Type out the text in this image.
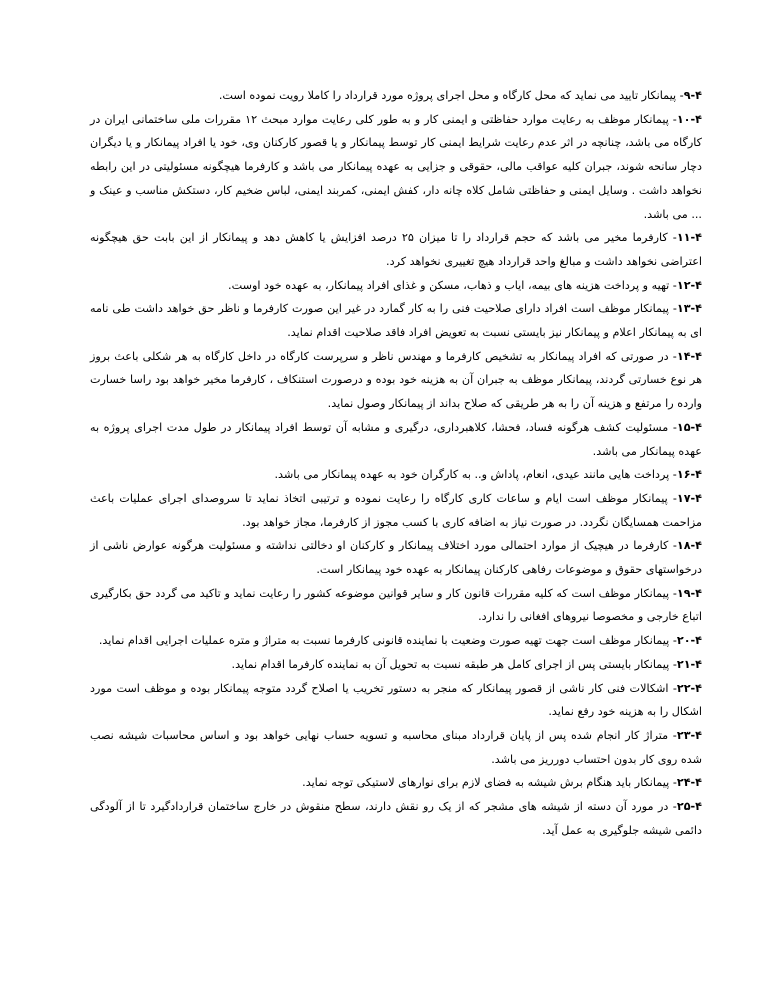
۹-۴- پیمانکار تایید می نماید که محل کارگاه و محل اجرای پروژه مورد قرارداد را کاملا رویت نموده است.

۱۰-۴- پیمانکار موظف به رعایت موارد حفاظتی و ایمنی کار و به طور کلی رعایت موارد مبحث ۱۲ مقررات ملی ساختمانی ایران در کارگاه می باشد، چنانچه در اثر عدم رعایت شرایط ایمنی کار توسط پیمانکار و یا قصور کارکنان وی، خود یا افراد پیمانکار و یا دیگران دچار سانحه شوند، جبران کلیه عواقب مالی، حقوقی و جزایی به عهده پیمانکار می باشد و کارفرما هیچگونه مسئولیتی در این رابطه نخواهد داشت . وسایل ایمنی و حفاظتی شامل کلاه چانه دار، کفش ایمنی، کمربند ایمنی، لباس ضخیم کار، دستکش مناسب و عینک و ... می باشد.

۱۱-۴- کارفرما مخیر می باشد که حجم قرارداد را تا میزان ۲۵ درصد افزایش یا کاهش دهد و پیمانکار از این بابت حق هیچگونه اعتراضی نخواهد داشت و مبالغ واحد قرارداد هیچ تغییری نخواهد کرد.

۱۲-۴- تهیه و پرداخت هزینه های بیمه، ایاب و ذهاب، مسکن و غذای افراد پیمانکار، به عهده خود اوست.

۱۳-۴- پیمانکار موظف است افراد دارای صلاحیت فنی را به کار گمارد در غیر این صورت کارفرما و ناظر حق خواهد داشت طی نامه ای به پیمانکار اعلام و پیمانکار نیز بایستی نسبت به تعویض افراد فاقد صلاحیت اقدام نماید.

۱۴-۴- در صورتی که افراد پیمانکار به تشخیص کارفرما و مهندس ناظر و سرپرست کارگاه در داخل کارگاه به هر شکلی باعث بروز هر نوع خسارتی گردند، پیمانکار موظف به جبران آن به هزینه خود بوده و درصورت استنکاف ، کارفرما مخیر خواهد بود راسا خسارت وارده را مرتفع و هزینه آن را به هر طریقی که صلاح بداند از پیمانکار وصول نماید.

۱۵-۴- مسئولیت کشف هرگونه فساد، فحشا، کلاهبرداری، درگیری و مشابه آن توسط افراد پیمانکار در طول مدت اجرای پروژه به عهده پیمانکار می باشد.

۱۶-۴- پرداخت هایی مانند عیدی، انعام، پاداش و.. به کارگران خود به عهده پیمانکار می باشد.

۱۷-۴- پیمانکار موظف است ایام و ساعات کاری کارگاه را رعایت نموده و ترتیبی اتخاذ نماید تا سروصدای اجرای عملیات باعث مزاحمت همسایگان نگردد. در صورت نیاز به اضافه کاری با کسب مجوز از کارفرما، مجاز خواهد بود.

۱۸-۴- کارفرما در هیچیک از موارد احتمالی مورد اختلاف پیمانکار و کارکنان او دخالتی نداشته و مسئولیت هرگونه عوارض ناشی از درخواستهای حقوق و موضوعات رفاهی کارکنان پیمانکار به عهده خود پیمانکار است.

۱۹-۴- پیمانکار موظف است که کلیه مقررات قانون کار و سایر قوانین موضوعه کشور را رعایت نماید و تاکید می گردد حق بکارگیری اتباع خارجی و مخصوصا نیروهای افغانی را ندارد.

۲۰-۴- پیمانکار موظف است جهت تهیه صورت وضعیت با نماینده قانونی کارفرما نسبت به متراژ و متره عملیات اجرایی اقدام نماید.

۲۱-۴- پیمانکار بایستی پس از اجرای کامل هر طبقه نسبت به تحویل آن به نماینده کارفرما اقدام نماید.

۲۲-۴- اشکالات فنی کار ناشی از قصور پیمانکار که منجر به دستور تخریب یا اصلاح گردد متوجه پیمانکار بوده و موظف است مورد اشکال را به هزینه خود رفع نماید.

۲۳-۴- متراژ کار انجام شده پس از پایان قرارداد مبنای محاسبه و تسویه حساب نهایی خواهد بود و اساس محاسبات شیشه نصب شده روی کار بدون احتساب دورریز می باشد.

۲۴-۴- پیمانکار باید هنگام برش شیشه به فضای لازم برای نوارهای لاستیکی توجه نماید.

۲۵-۴- در مورد آن دسته از شیشه های مشجر که از یک رو نقش دارند، سطح منقوش در خارج ساختمان قراردادگیرد تا از آلودگی دائمی شیشه جلوگیری به عمل آید.
